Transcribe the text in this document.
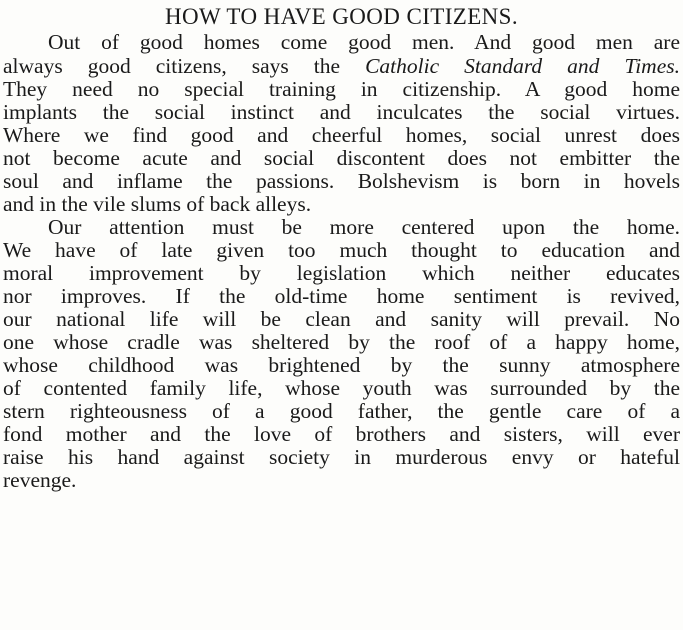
HOW TO HAVE GOOD CITIZENS.
Out of good homes come good men. And good men are
always good citizens, says the Catholic Standard and Times.
They need no special training in citizenship. A good home
implants the social instinct and inculcates the social virtues.
Where we find good and cheerful homes, social unrest does
not become acute and social discontent does not embitter the
soul and inflame the passions. Bolshevism is born in hovels
and in the vile slums of back alleys.
Our attention must be more centered upon the home.
We have of late given too much thought to education and
moral improvement by legislation which neither educates
nor improves. If the old-time home sentiment is revived,
our national life will be clean and sanity will prevail. No
one whose cradle was sheltered by the roof of a happy home,
whose childhood was brightened by the sunny atmosphere
of contented family life, whose youth was surrounded by the
stern righteousness of a good father, the gentle care of a
fond mother and the love of brothers and sisters, will ever
raise his hand against society in murderous envy or hateful
revenge.
